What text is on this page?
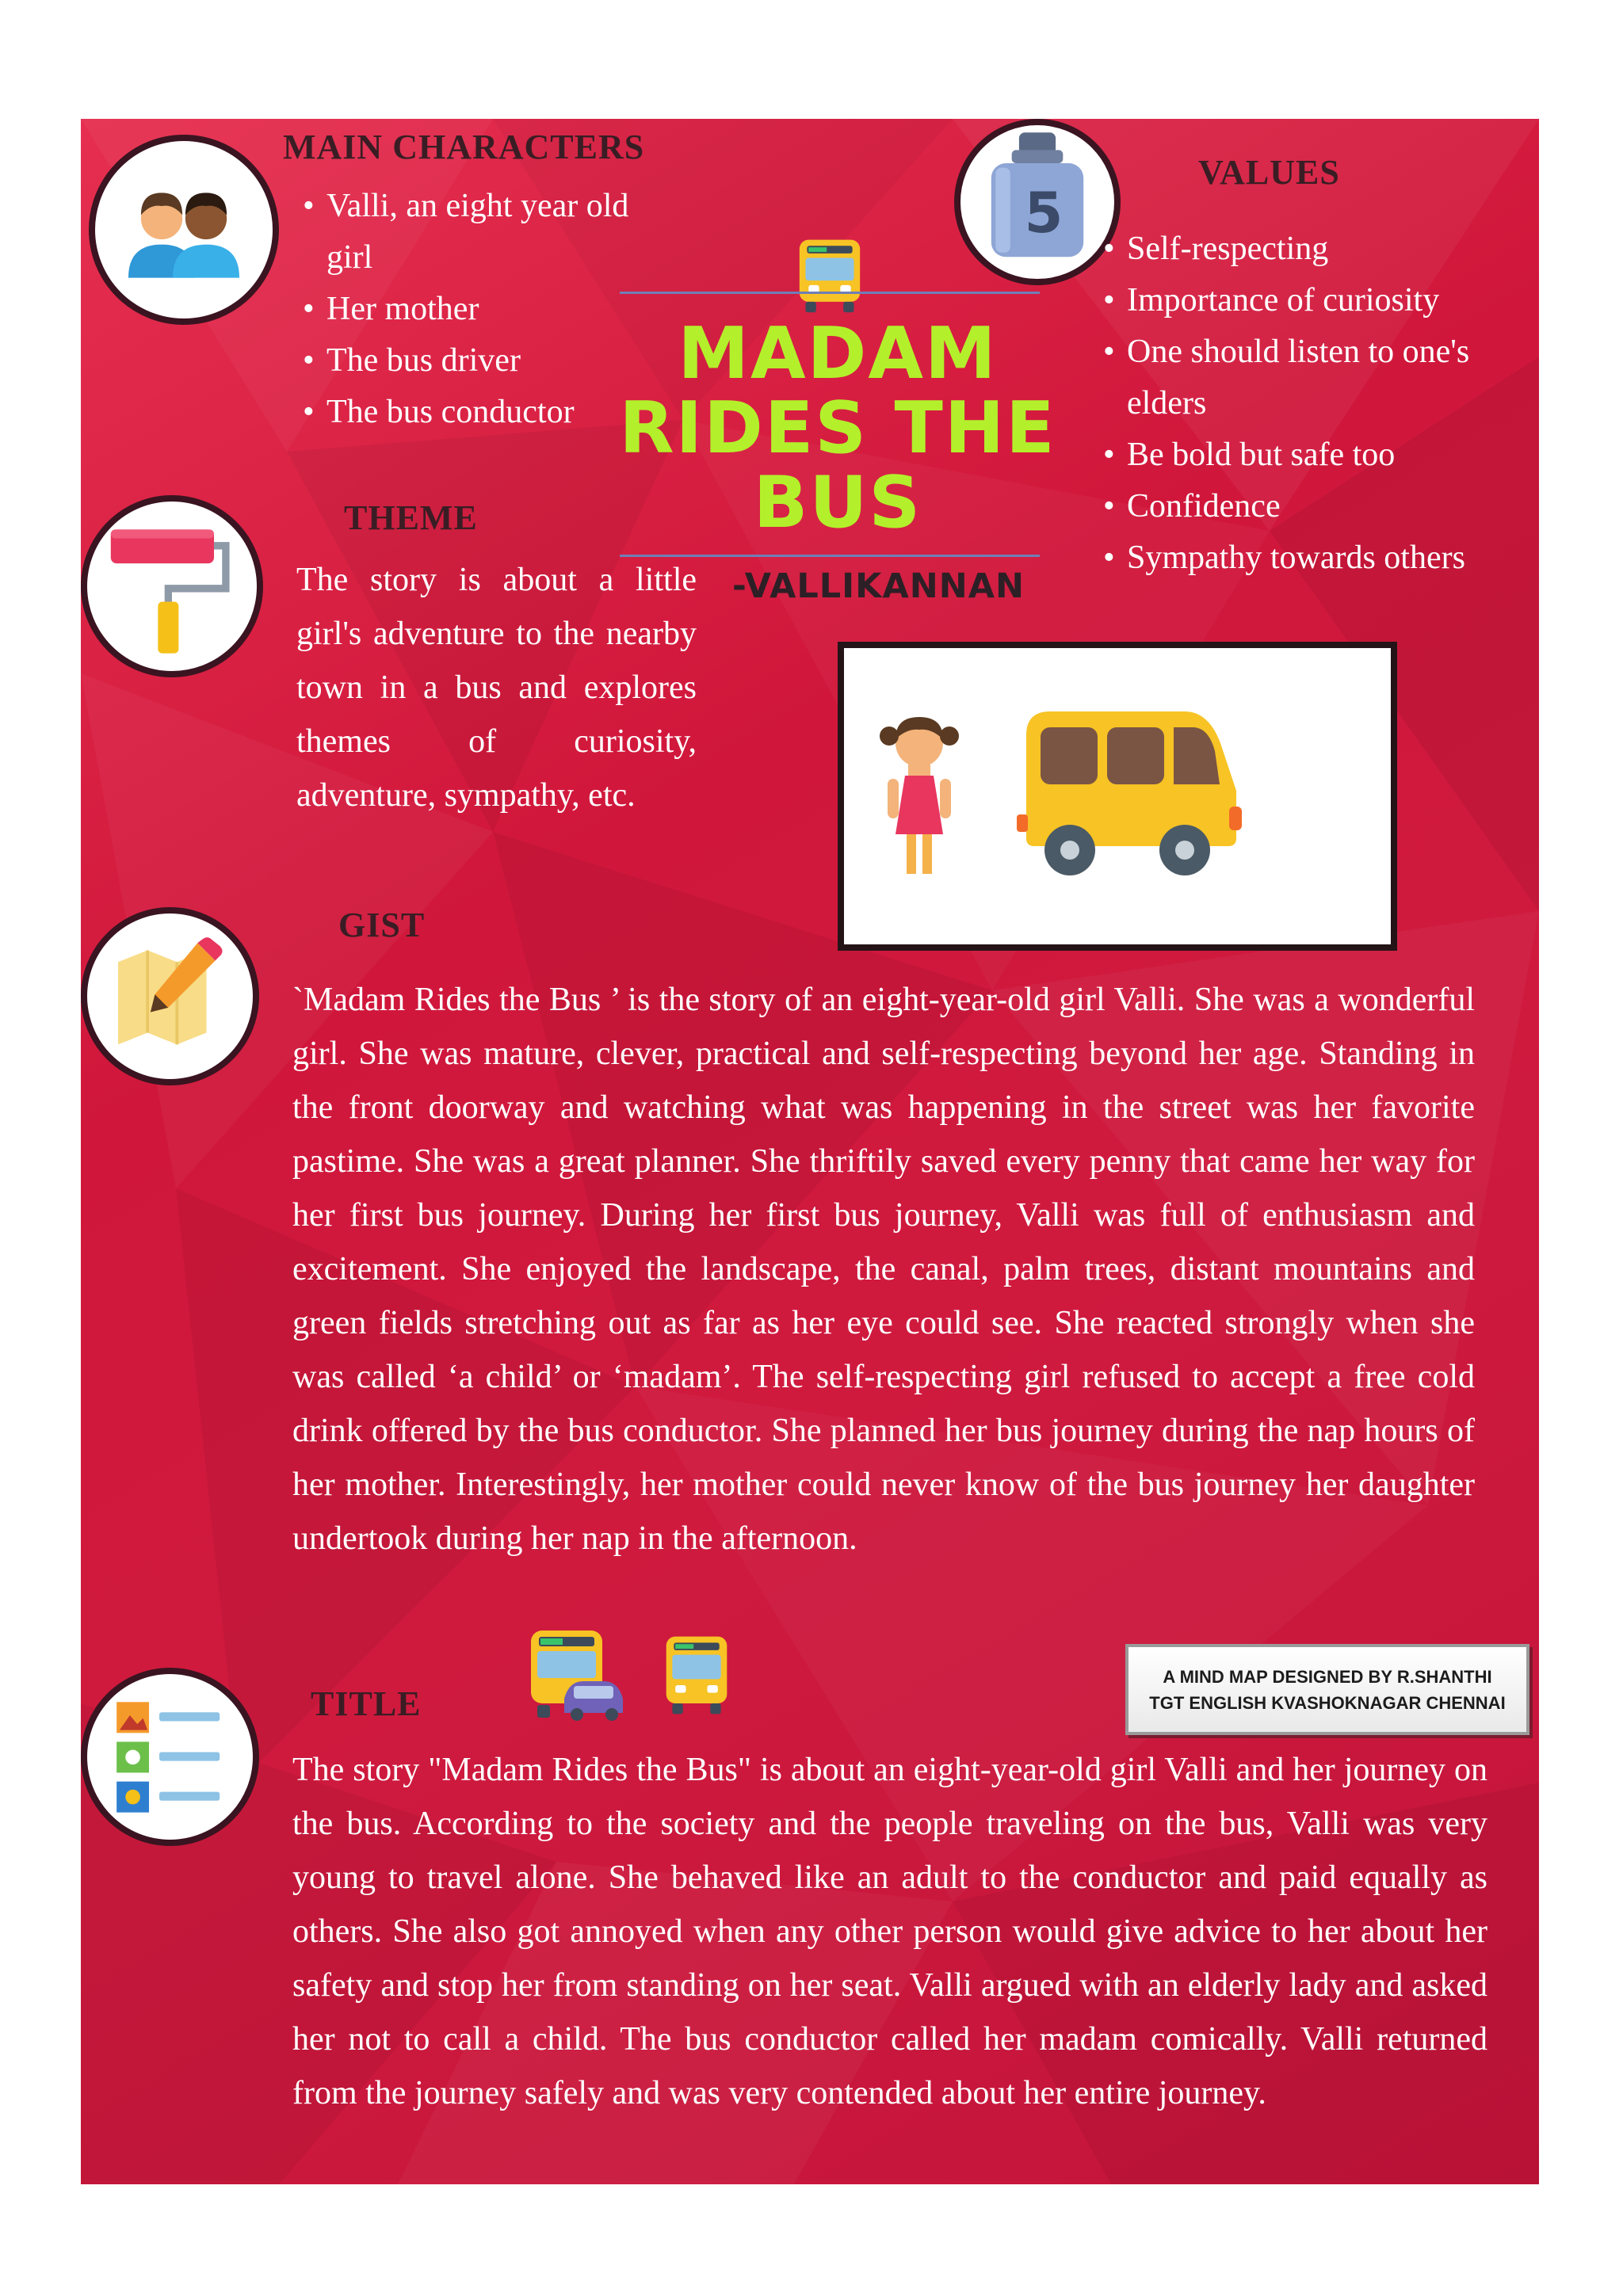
MAIN CHARACTERS
• Valli, an eight year old girl
• Her mother
• The bus driver
• The bus conductor
5
VALUES
• Self-respecting
• Importance of curiosity
• One should listen to one's elders
• Be bold but safe too
• Confidence
• Sympathy towards others

MADAM

RIDES THE

BUS

-VALLIKANNAN
THEME

The story is about a little girl's adventure to the nearby town in a bus and explores themes of curiosity, adventure, sympathy, etc.

GIST

`Madam Rides the Bus ’ is the story of an eight-year-old girl Valli. She was a wonderful girl. She was mature, clever, practical and self-respecting beyond her age. Standing in the front doorway and watching what was happening in the street was her favorite pastime. She was a great planner. She thriftily saved every penny that came her way for her first bus journey. During her first bus journey, Valli was full of enthusiasm and excitement. She enjoyed the landscape, the canal, palm trees, distant mountains and green fields stretching out as far as her eye could see. She reacted strongly when she was called ‘a child’ or ‘madam’. The self-respecting girl refused to accept a free cold drink offered by the bus conductor. She planned her bus journey during the nap hours of her mother. Interestingly, her mother could never know of the bus journey her daughter undertook during her nap in the afternoon.

A MIND MAP DESIGNED BY R.SHANTHI
TGT ENGLISH KVASHOKNAGAR CHENNAI
TITLE

The story "Madam Rides the Bus" is about an eight-year-old girl Valli and her journey on the bus. According to the society and the people traveling on the bus, Valli was very young to travel alone. She behaved like an adult to the conductor and paid equally as others. She also got annoyed when any other person would give advice to her about her safety and stop her from standing on her seat. Valli argued with an elderly lady and asked her not to call a child. The bus conductor called her madam comically. Valli returned from the journey safely and was very contended about her entire journey.
